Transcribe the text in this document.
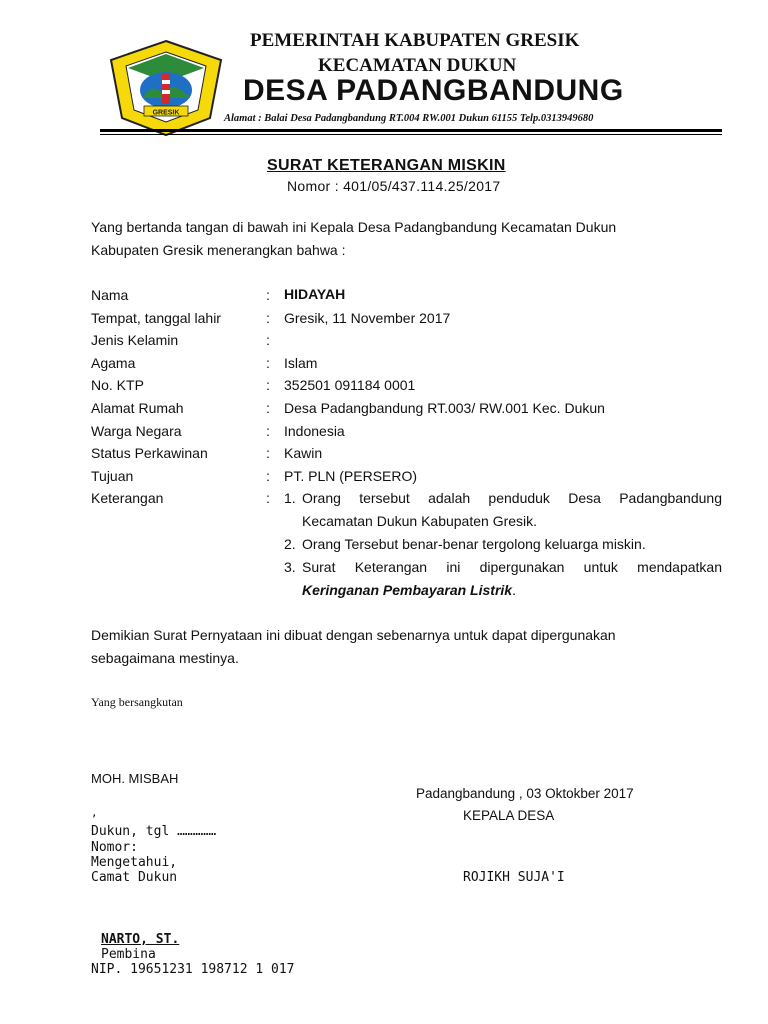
GRESIK
PEMERINTAH KABUPATEN GRESIK
KECAMATAN DUKUN
DESA PADANGBANDUNG
Alamat : Balai Desa Padangbandung RT.004 RW.001 Dukun 61155 Telp.0313949680
SURAT KETERANGAN MISKIN
Nomor : 401/05/437.114.25/2017
Yang bertanda tangan di bawah ini Kepala Desa Padangbandung Kecamatan Dukun
Kabupaten Gresik menerangkan bahwa :
Nama	: HIDAYAH
Tempat, tanggal lahir	: Gresik, 11 November 2017
Jenis Kelamin	:
Agama	: Islam
No. KTP	: 352501 091184 0001
Alamat Rumah	: Desa Padangbandung RT.003/ RW.001 Kec. Dukun
Warga Negara	: Indonesia
Status Perkawinan	: Kawin
Tujuan	: PT. PLN (PERSERO)
Keterangan	: 1. Orang tersebut adalah penduduk Desa Padangbandung
Kecamatan Dukun Kabupaten Gresik.
2. Orang Tersebut benar-benar tergolong keluarga miskin.
3. Surat Keterangan ini dipergunakan untuk mendapatkan
Keringanan Pembayaran Listrik.
Demikian Surat Pernyataan ini dibuat dengan sebenarnya untuk dapat dipergunakan
sebagaimana mestinya.
Yang bersangkutan
MOH. MISBAH
,
Dukun, tgl ……………
Nomor:
Mengetahui,
Camat Dukun
NARTO, ST.
Pembina
NIP. 19651231 198712 1 017
Padangbandung , 03 Oktokber 2017
KEPALA DESA
ROJIKH SUJA'I
